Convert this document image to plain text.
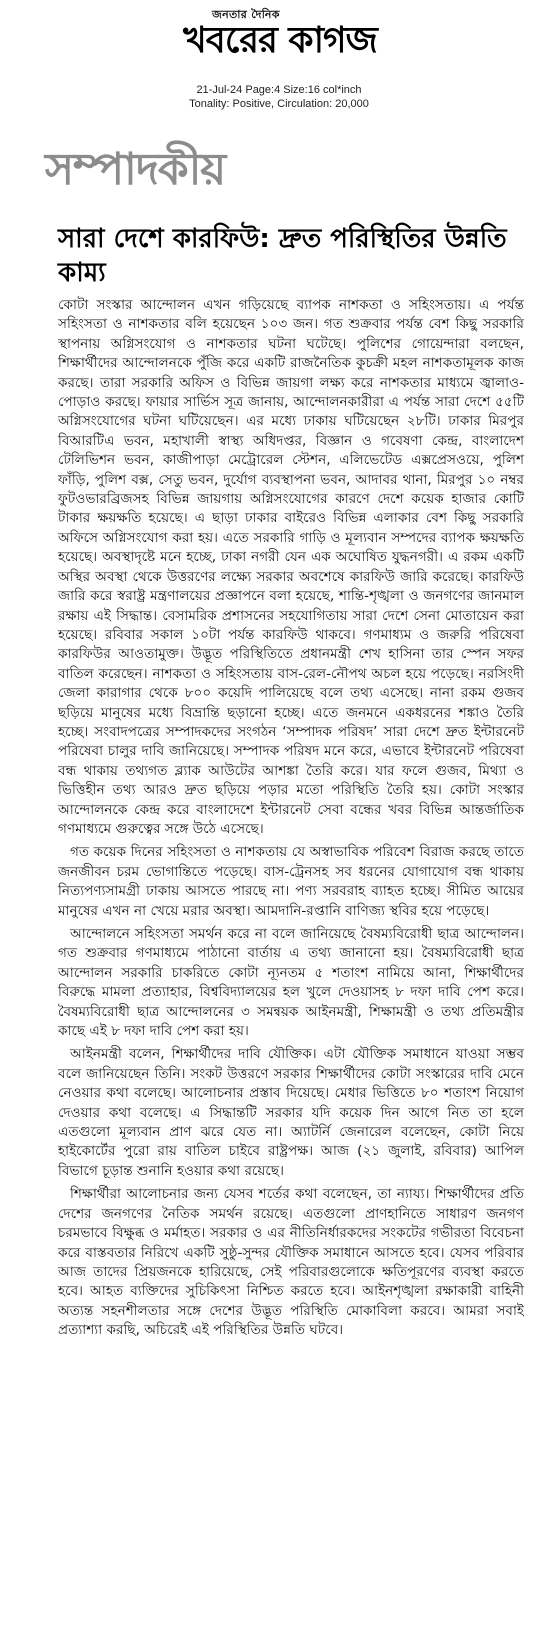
জনতার দৈনিক
খবরের কাগজ
21-Jul-24 Page:4 Size:16 col*inch
Tonality: Positive, Circulation: 20,000
সম্পাদকীয়
সারা দেশে কারফিউ: দ্রুত পরিস্থিতির উন্নতি কাম্য

কোটা সংস্কার আন্দোলন এখন গড়িয়েছে ব্যাপক নাশকতা ও সহিংসতায়। এ পর্যন্ত সহিংসতা ও নাশকতার বলি হয়েছেন ১০৩ জন। গত শুক্রবার পর্যন্ত বেশ কিছু সরকারি স্থাপনায় অগ্নিসংযোগ ও নাশকতার ঘটনা ঘটেছে। পুলিশের গোয়েন্দারা বলছেন, শিক্ষার্থীদের আন্দোলনকে পুঁজি করে একটি রাজনৈতিক কুচক্রী মহল নাশকতামূলক কাজ করছে। তারা সরকারি অফিস ও বিভিন্ন জায়গা লক্ষ্য করে নাশকতার মাধ্যমে জ্বালাও-পোড়াও করছে। ফায়ার সার্ভিস সূত্র জানায়, আন্দোলনকারীরা এ পর্যন্ত সারা দেশে ৫৫টি অগ্নিসংযোগের ঘটনা ঘটিয়েছেন। এর মধ্যে ঢাকায় ঘটিয়েছেন ২৮টি। ঢাকার মিরপুর বিআরটিএ ভবন, মহাখালী স্বাস্থ্য অধিদপ্তর, বিজ্ঞান ও গবেষণা কেন্দ্র, বাংলাদেশ টেলিভিশন ভবন, কাজীপাড়া মেট্রোরেল স্টেশন, এলিভেটেড এক্সপ্রেসওয়ে, পুলিশ ফাঁড়ি, পুলিশ বক্স, সেতু ভবন, দুর্যোগ ব্যবস্থাপনা ভবন, আদাবর থানা, মিরপুর ১০ নম্বর ফুটওভারব্রিজসহ বিভিন্ন জায়গায় অগ্নিসংযোগের কারণে দেশে কয়েক হাজার কোটি টাকার ক্ষয়ক্ষতি হয়েছে। এ ছাড়া ঢাকার বাইরেও বিভিন্ন এলাকার বেশ কিছু সরকারি অফিসে অগ্নিসংযোগ করা হয়। এতে সরকারি গাড়ি ও মূল্যবান সম্পদের ব্যাপক ক্ষয়ক্ষতি হয়েছে। অবস্থাদৃষ্টে মনে হচ্ছে, ঢাকা নগরী যেন এক অঘোষিত যুদ্ধনগরী। এ রকম একটি অস্থির অবস্থা থেকে উত্তরণের লক্ষ্যে সরকার অবশেষে কারফিউ জারি করেছে। কারফিউ জারি করে স্বরাষ্ট্র মন্ত্রণালয়ের প্রজ্ঞাপনে বলা হয়েছে, শান্তি-শৃঙ্খলা ও জনগণের জানমাল রক্ষায় এই সিদ্ধান্ত। বেসামরিক প্রশাসনের সহযোগিতায় সারা দেশে সেনা মোতায়েন করা হয়েছে। রবিবার সকাল ১০টা পর্যন্ত কারফিউ থাকবে। গণমাধ্যম ও জরুরি পরিষেবা কারফিউর আওতামুক্ত। উদ্ভূত পরিস্থিতিতে প্রধানমন্ত্রী শেখ হাসিনা তার স্পেন সফর বাতিল করেছেন। নাশকতা ও সহিংসতায় বাস-রেল-নৌপথ অচল হয়ে পড়েছে। নরসিংদী জেলা কারাগার থেকে ৮০০ কয়েদি পালিয়েছে বলে তথ্য এসেছে। নানা রকম গুজব ছড়িয়ে মানুষের মধ্যে বিভ্রান্তি ছড়ানো হচ্ছে। এতে জনমনে একধরনের শঙ্কাও তৈরি হচ্ছে। সংবাদপত্রের সম্পাদকদের সংগঠন ‘সম্পাদক পরিষদ’ সারা দেশে দ্রুত ইন্টারনেট পরিষেবা চালুর দাবি জানিয়েছে। সম্পাদক পরিষদ মনে করে, এভাবে ইন্টারনেট পরিষেবা বন্ধ থাকায় তথ্যগত ব্ল্যাক আউটের আশঙ্কা তৈরি করে। যার ফলে গুজব, মিথ্যা ও ভিত্তিহীন তথ্য আরও দ্রুত ছড়িয়ে পড়ার মতো পরিস্থিতি তৈরি হয়। কোটা সংস্কার আন্দোলনকে কেন্দ্র করে বাংলাদেশে ইন্টারনেট সেবা বন্ধের খবর বিভিন্ন আন্তর্জাতিক গণমাধ্যমে গুরুত্বের সঙ্গে উঠে এসেছে।

গত কয়েক দিনের সহিংসতা ও নাশকতায় যে অস্বাভাবিক পরিবেশ বিরাজ করছে তাতে জনজীবন চরম ভোগান্তিতে পড়েছে। বাস-ট্রেনসহ সব ধরনের যোগাযোগ বন্ধ থাকায় নিত্যপণ্যসামগ্রী ঢাকায় আসতে পারছে না। পণ্য সরবরাহ ব্যাহত হচ্ছে। সীমিত আয়ের মানুষের এখন না খেয়ে মরার অবস্থা। আমদানি-রপ্তানি বাণিজ্য স্থবির হয়ে পড়েছে।

আন্দোলনে সহিংসতা সমর্থন করে না বলে জানিয়েছে বৈষম্যবিরোধী ছাত্র আন্দোলন। গত শুক্রবার গণমাধ্যমে পাঠানো বার্তায় এ তথ্য জানানো হয়। বৈষম্যবিরোধী ছাত্র আন্দোলন সরকারি চাকরিতে কোটা ন্যূনতম ৫ শতাংশ নামিয়ে আনা, শিক্ষার্থীদের বিরুদ্ধে মামলা প্রত্যাহার, বিশ্ববিদ্যালয়ের হল খুলে দেওয়াসহ ৮ দফা দাবি পেশ করে। বৈষম্যবিরোধী ছাত্র আন্দোলনের ৩ সমন্বয়ক আইনমন্ত্রী, শিক্ষামন্ত্রী ও তথ্য প্রতিমন্ত্রীর কাছে এই ৮ দফা দাবি পেশ করা হয়।

আইনমন্ত্রী বলেন, শিক্ষার্থীদের দাবি যৌক্তিক। এটা যৌক্তিক সমাধানে যাওয়া সম্ভব বলে জানিয়েছেন তিনি। সংকট উত্তরণে সরকার শিক্ষার্থীদের কোটা সংস্কারের দাবি মেনে নেওয়ার কথা বলেছে। আলোচনার প্রস্তাব দিয়েছে। মেধার ভিত্তিতে ৮০ শতাংশ নিয়োগ দেওয়ার কথা বলেছে। এ সিদ্ধান্তটি সরকার যদি কয়েক দিন আগে নিত তা হলে এতগুলো মূল্যবান প্রাণ ঝরে যেত না। অ্যাটর্নি জেনারেল বলেছেন, কোটা নিয়ে হাইকোর্টের পুরো রায় বাতিল চাইবে রাষ্ট্রপক্ষ। আজ (২১ জুলাই, রবিবার) আপিল বিভাগে চূড়ান্ত শুনানি হওয়ার কথা রয়েছে।

শিক্ষার্থীরা আলোচনার জন্য যেসব শর্তের কথা বলেছেন, তা ন্যায্য। শিক্ষার্থীদের প্রতি দেশের জনগণের নৈতিক সমর্থন রয়েছে। এতগুলো প্রাণহানিতে সাধারণ জনগণ চরমভাবে বিক্ষুব্ধ ও মর্মাহত। সরকার ও এর নীতিনির্ধারকদের সংকটের গভীরতা বিবেচনা করে বাস্তবতার নিরিখে একটি সুষ্ঠু-সুন্দর যৌক্তিক সমাধানে আসতে হবে। যেসব পরিবার আজ তাদের প্রিয়জনকে হারিয়েছে, সেই পরিবারগুলোকে ক্ষতিপূরণের ব্যবস্থা করতে হবে। আহত ব্যক্তিদের সুচিকিৎসা নিশ্চিত করতে হবে। আইনশৃঙ্খলা রক্ষাকারী বাহিনী অত্যন্ত সহনশীলতার সঙ্গে দেশের উদ্ভূত পরিস্থিতি মোকাবিলা করবে। আমরা সবাই প্রত্যাশ্যা করছি, অচিরেই এই পরিস্থিতির উন্নতি ঘটবে।
